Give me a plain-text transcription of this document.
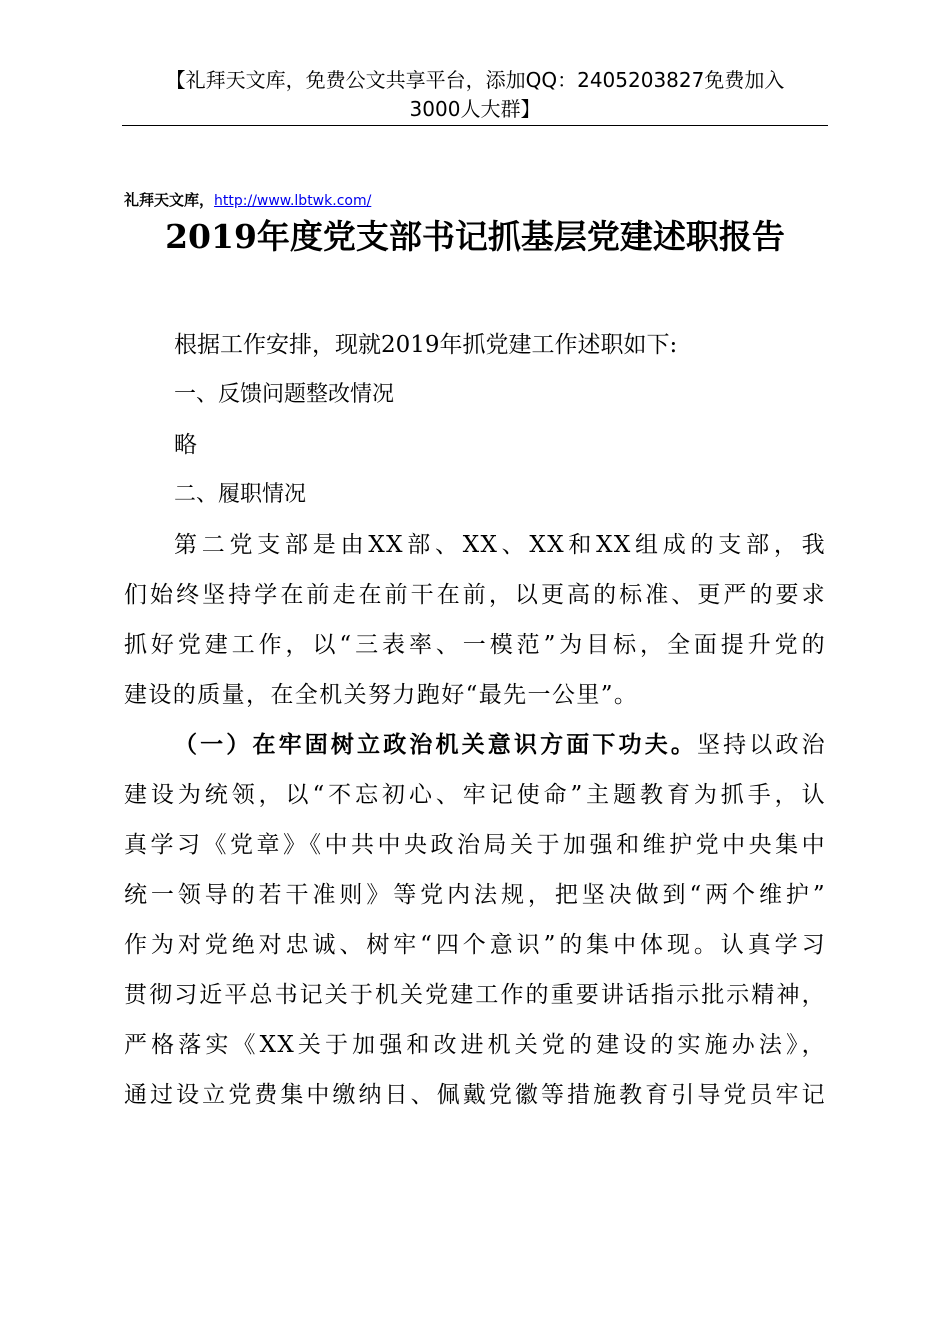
【礼拜天文库，免费公文共享平台，添加QQ：2405203827免费加入
3000人大群】
礼拜天文库，http://www.lbtwk.com/
2019年度党支部书记抓基层党建述职报告

根据工作安排，现就2019年抓党建工作述职如下:

一、反馈问题整改情况

略

二、履职情况

第二党支部是由XX部、XX、XX和XX组成的支部，我
们始终坚持学在前走在前干在前，以更高的标准、更严的要求
抓好党建工作，以“三表率、一模范”为目标，全面提升党的
建设的质量，在全机关努力跑好“最先一公里”。
（一）在牢固树立政治机关意识方面下功夫。坚持以政治
建设为统领，以“不忘初心、牢记使命”主题教育为抓手，认
真学习《党章》《中共中央政治局关于加强和维护党中央集中
统一领导的若干准则》等党内法规，把坚决做到“两个维护”
作为对党绝对忠诚、树牢“四个意识”的集中体现。认真学习
贯彻习近平总书记关于机关党建工作的重要讲话指示批示精神，
严格落实《XX关于加强和改进机关党的建设的实施办法》，
通过设立党费集中缴纳日、佩戴党徽等措施教育引导党员牢记
